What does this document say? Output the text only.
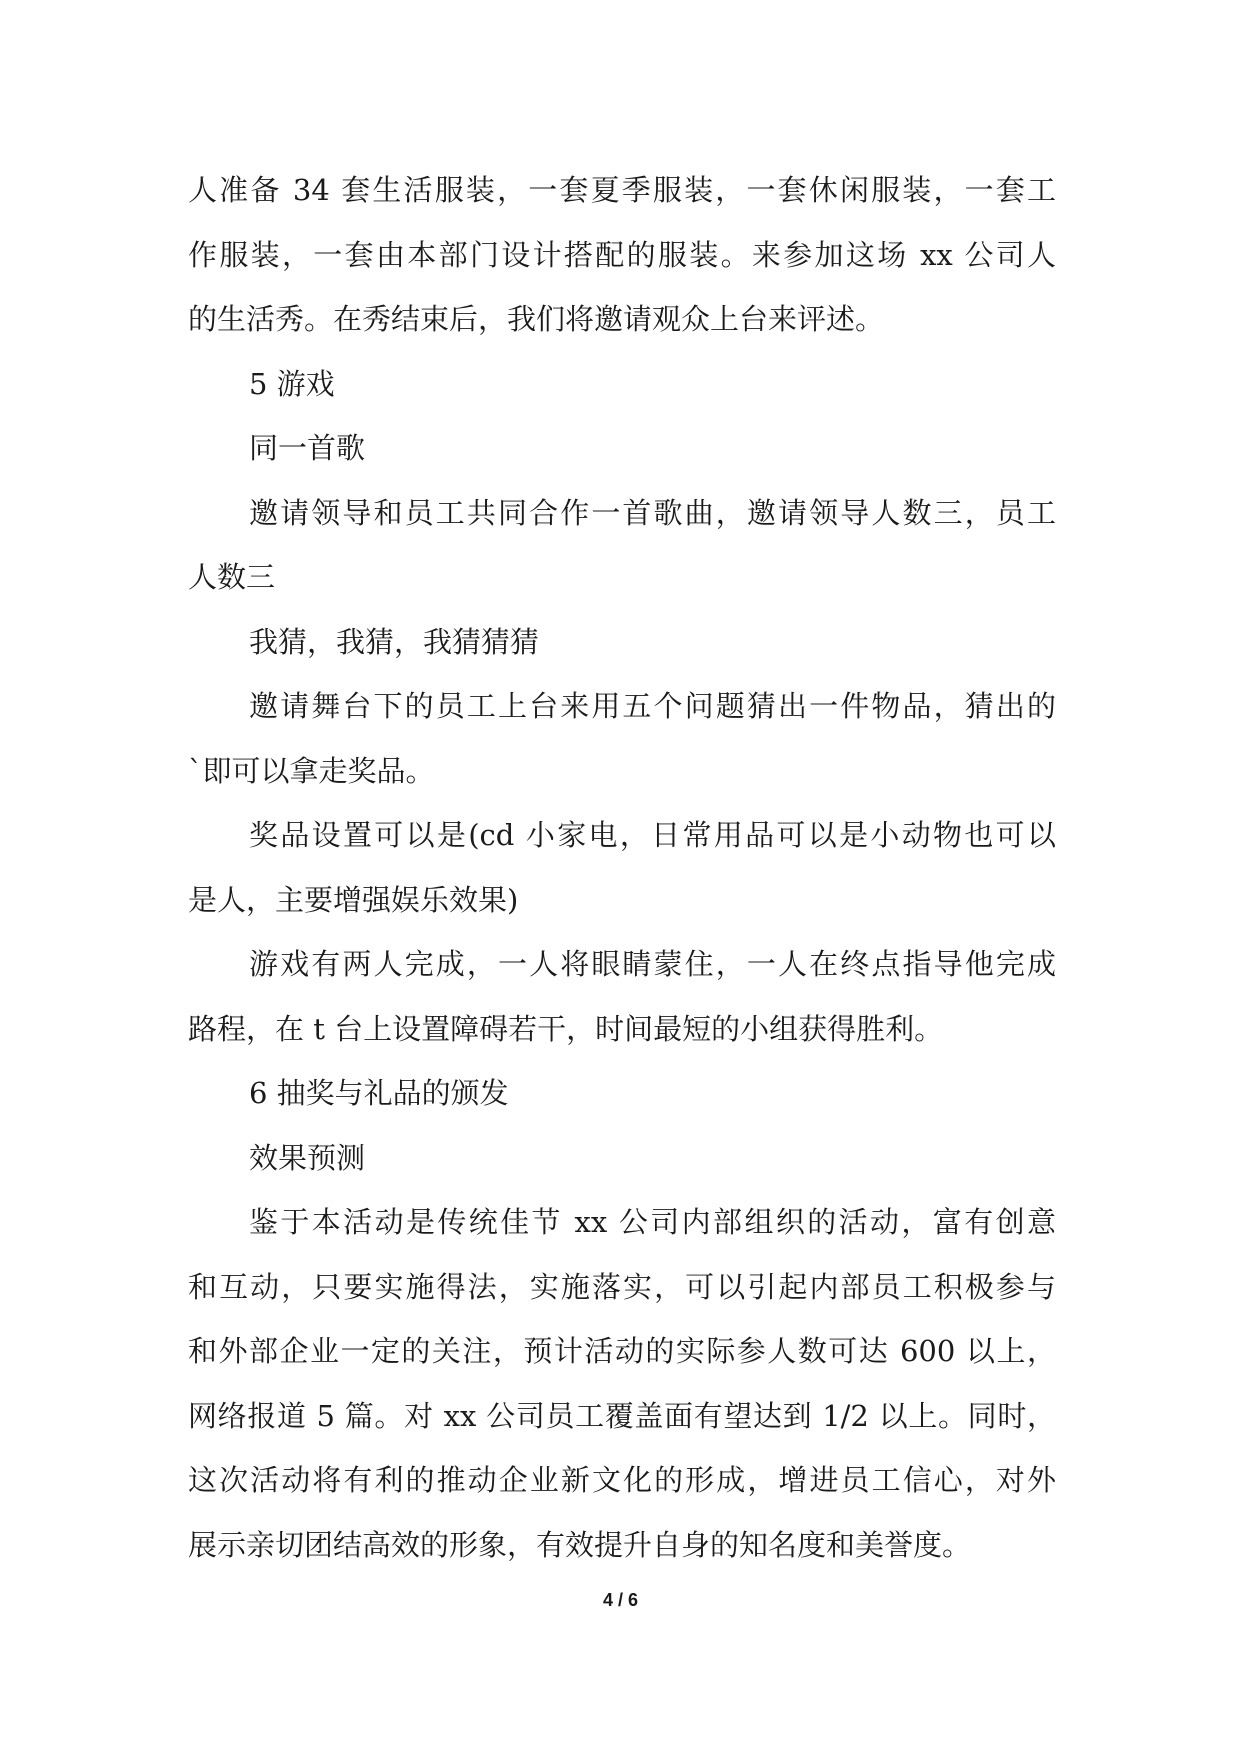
人准备 34 套生活服装，一套夏季服装，一套休闲服装，一套工
作服装，一套由本部门设计搭配的服装。来参加这场 xx 公司人
的生活秀。在秀结束后，我们将邀请观众上台来评述。
5 游戏
同一首歌
邀请领导和员工共同合作一首歌曲，邀请领导人数三，员工
人数三
我猜，我猜，我猜猜猜
邀请舞台下的员工上台来用五个问题猜出一件物品，猜出的
`即可以拿走奖品。
奖品设置可以是(cd 小家电，日常用品可以是小动物也可以
是人，主要增强娱乐效果)
游戏有两人完成，一人将眼睛蒙住，一人在终点指导他完成
路程，在 t 台上设置障碍若干，时间最短的小组获得胜利。
6 抽奖与礼品的颁发
效果预测
鉴于本活动是传统佳节 xx 公司内部组织的活动，富有创意
和互动，只要实施得法，实施落实，可以引起内部员工积极参与
和外部企业一定的关注，预计活动的实际参人数可达 600 以上，
网络报道 5 篇。对 xx 公司员工覆盖面有望达到 1/2 以上。同时，
这次活动将有利的推动企业新文化的形成，增进员工信心，对外
展示亲切团结高效的形象，有效提升自身的知名度和美誉度。
4 / 6
